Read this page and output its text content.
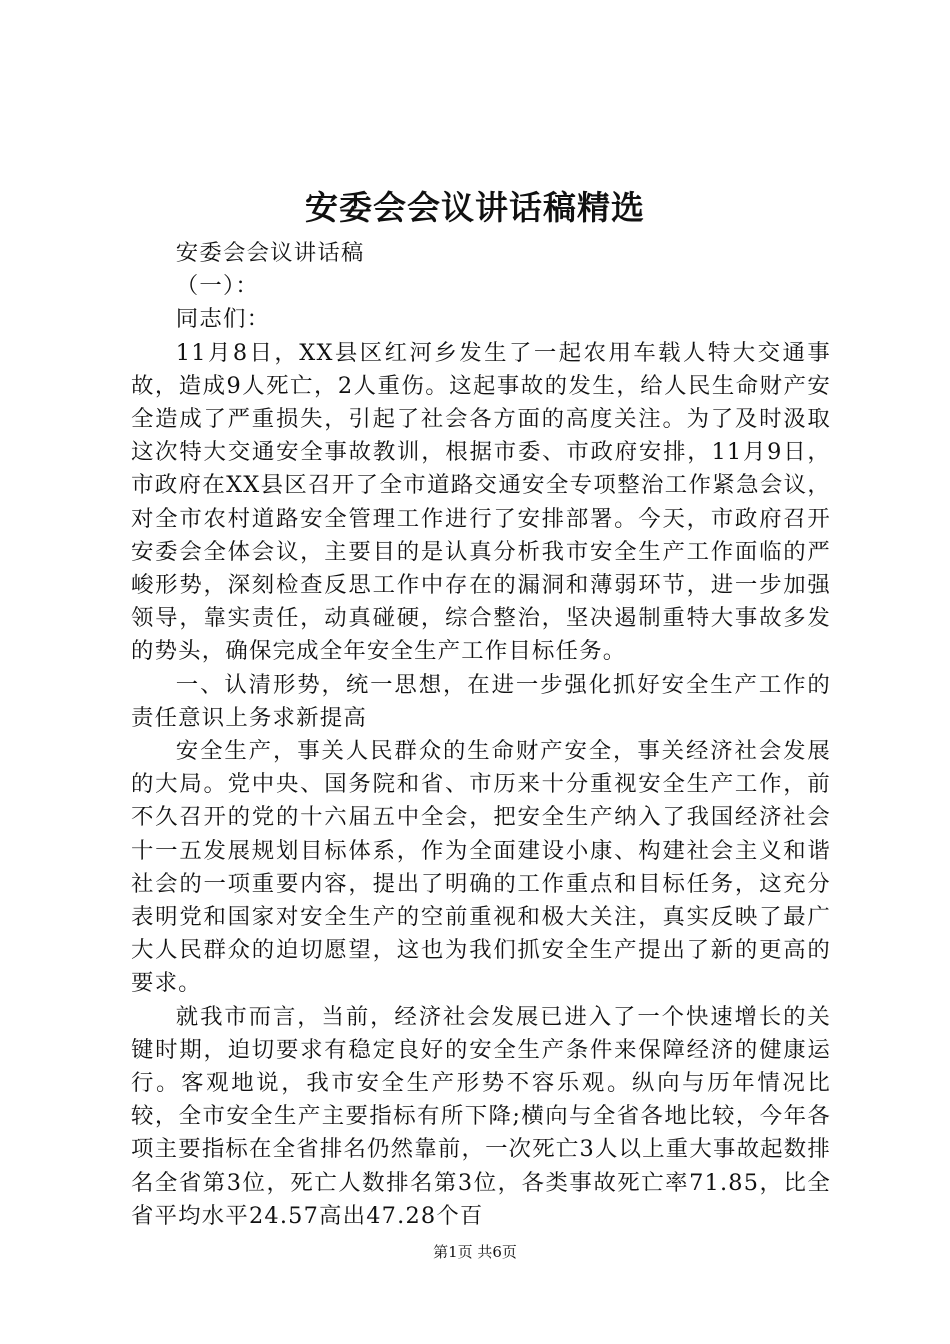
安委会会议讲话稿精选

安委会会议讲话稿

（一）：

同志们：

11月8日，XX县区红河乡发生了一起农用车载人特大交通事故，造成9人死亡，2人重伤。这起事故的发生，给人民生命财产安全造成了严重损失，引起了社会各方面的高度关注。为了及时汲取这次特大交通安全事故教训，根据市委、市政府安排，11月9日，市政府在XX县区召开了全市道路交通安全专项整治工作紧急会议，对全市农村道路安全管理工作进行了安排部署。今天，市政府召开安委会全体会议，主要目的是认真分析我市安全生产工作面临的严峻形势，深刻检查反思工作中存在的漏洞和薄弱环节，进一步加强领导，靠实责任，动真碰硬，综合整治，坚决遏制重特大事故多发的势头，确保完成全年安全生产工作目标任务。

一、认清形势，统一思想，在进一步强化抓好安全生产工作的责任意识上务求新提高

安全生产，事关人民群众的生命财产安全，事关经济社会发展的大局。党中央、国务院和省、市历来十分重视安全生产工作，前不久召开的党的十六届五中全会，把安全生产纳入了我国经济社会十一五发展规划目标体系，作为全面建设小康、构建社会主义和谐社会的一项重要内容，提出了明确的工作重点和目标任务，这充分表明党和国家对安全生产的空前重视和极大关注，真实反映了最广大人民群众的迫切愿望，这也为我们抓安全生产提出了新的更高的要求。

就我市而言，当前，经济社会发展已进入了一个快速增长的关键时期，迫切要求有稳定良好的安全生产条件来保障经济的健康运行。客观地说，我市安全生产形势不容乐观。纵向与历年情况比较，全市安全生产主要指标有所下降;横向与全省各地比较，今年各项主要指标在全省排名仍然靠前，一次死亡3人以上重大事故起数排名全省第3位，死亡人数排名第3位，各类事故死亡率71.85，比全省平均水平24.57高出47.28个百

第1页 共6页
